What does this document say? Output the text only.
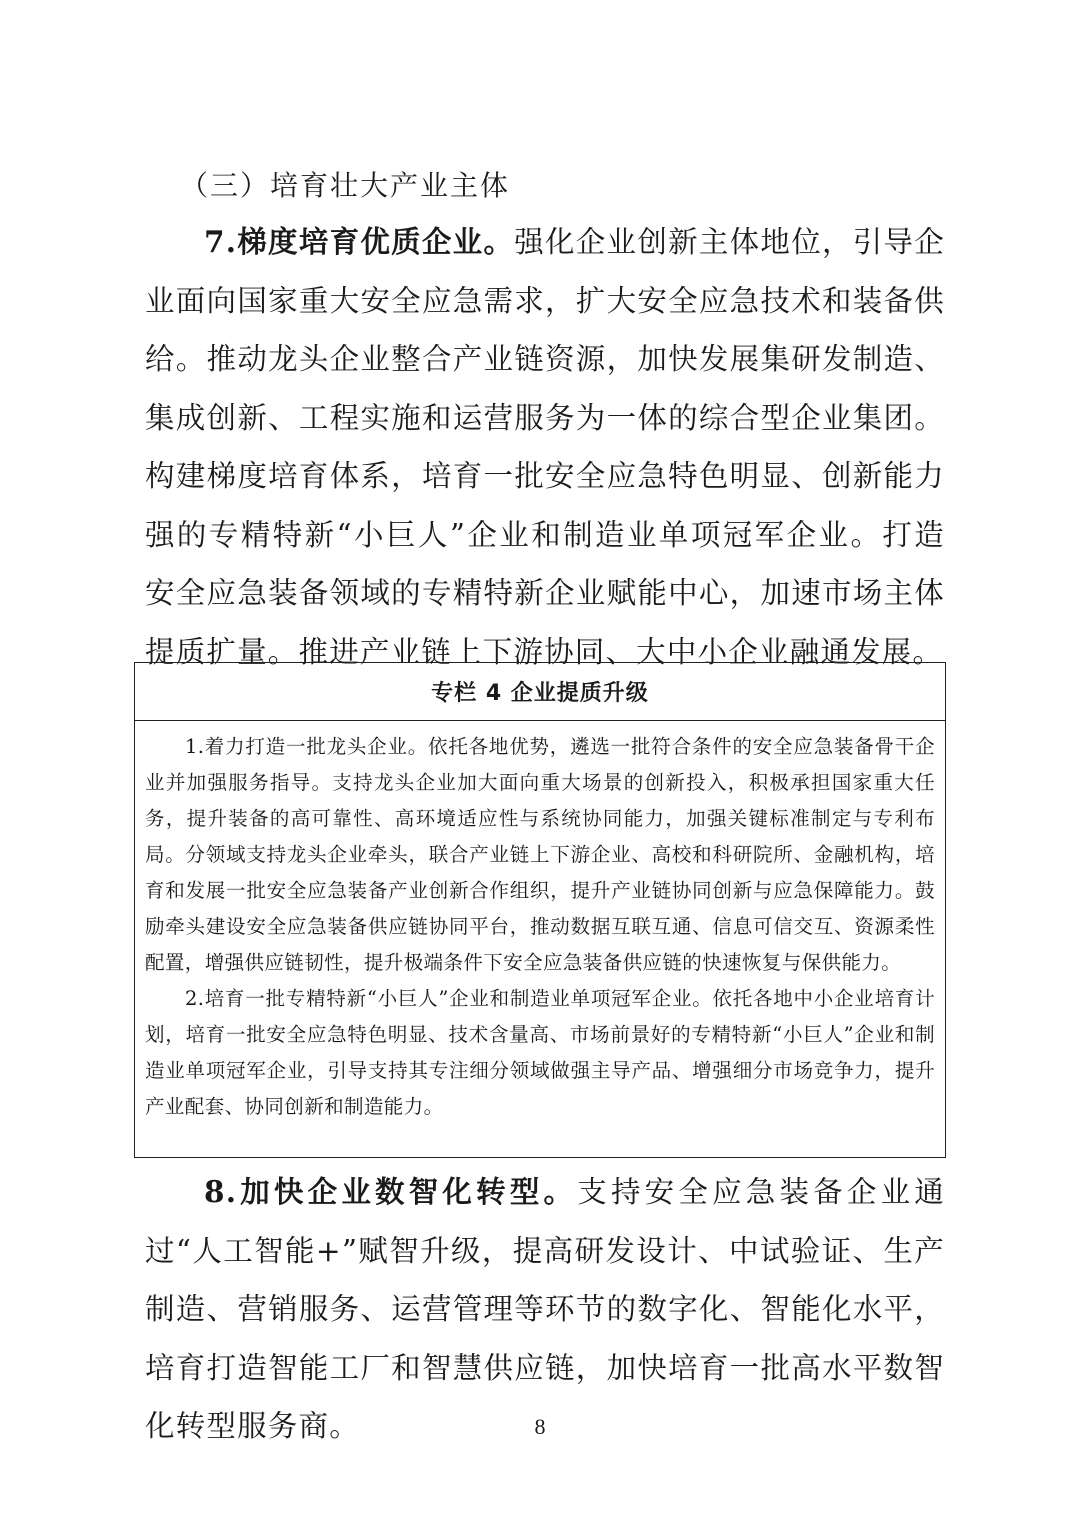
（三）培育壮大产业主体

7.梯度培育优质企业。强化企业创新主体地位，引导企业面向国家重大安全应急需求，扩大安全应急技术和装备供给。推动龙头企业整合产业链资源，加快发展集研发制造、集成创新、工程实施和运营服务为一体的综合型企业集团。构建梯度培育体系，培育一批安全应急特色明显、创新能力强的专精特新“小巨人”企业和制造业单项冠军企业。打造安全应急装备领域的专精特新企业赋能中心，加速市场主体提质扩量。推进产业链上下游协同、大中小企业融通发展。

专栏 4 企业提质升级

1.着力打造一批龙头企业。依托各地优势，遴选一批符合条件的安全应急装备骨干企业并加强服务指导。支持龙头企业加大面向重大场景的创新投入，积极承担国家重大任务，提升装备的高可靠性、高环境适应性与系统协同能力，加强关键标准制定与专利布局。分领域支持龙头企业牵头，联合产业链上下游企业、高校和科研院所、金融机构，培育和发展一批安全应急装备产业创新合作组织，提升产业链协同创新与应急保障能力。鼓励牵头建设安全应急装备供应链协同平台，推动数据互联互通、信息可信交互、资源柔性配置，增强供应链韧性，提升极端条件下安全应急装备供应链的快速恢复与保供能力。

2.培育一批专精特新“小巨人”企业和制造业单项冠军企业。依托各地中小企业培育计划，培育一批安全应急特色明显、技术含量高、市场前景好的专精特新“小巨人”企业和制造业单项冠军企业，引导支持其专注细分领域做强主导产品、增强细分市场竞争力，提升产业配套、协同创新和制造能力。

8.加快企业数智化转型。支持安全应急装备企业通过“人工智能+”赋智升级，提高研发设计、中试验证、生产制造、营销服务、运营管理等环节的数字化、智能化水平，培育打造智能工厂和智慧供应链，加快培育一批高水平数智化转型服务商。	8
